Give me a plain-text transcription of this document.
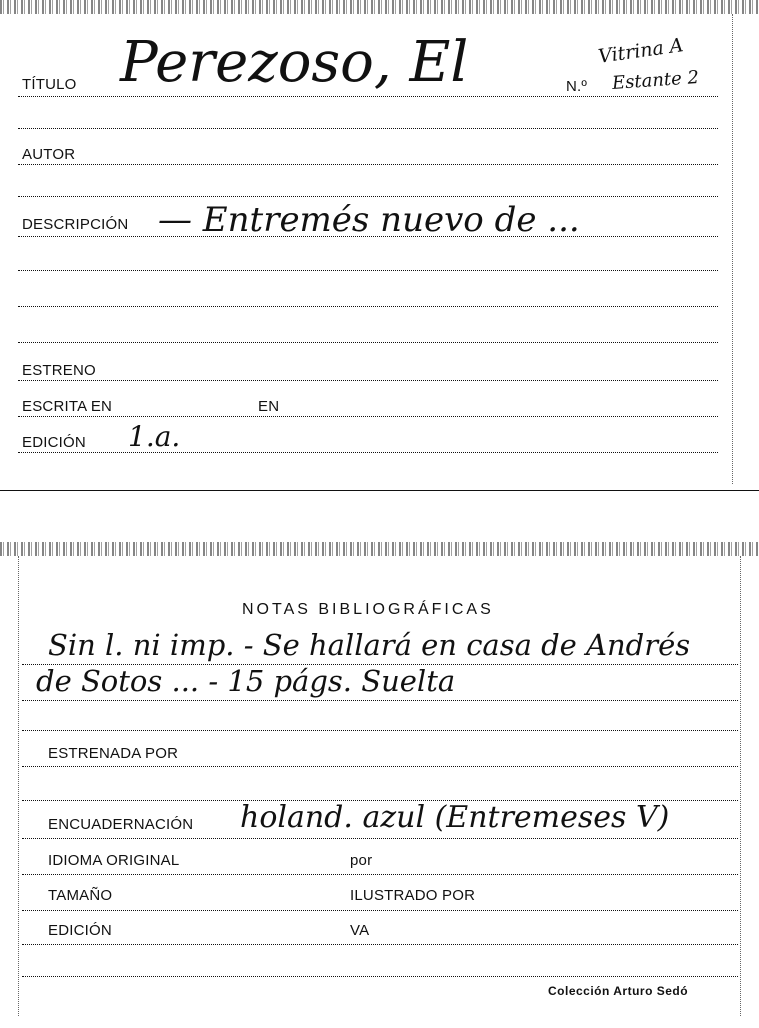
TÍTULO Perezoso, El	N.º
Vitrina A
Estante 2
AUTOR
DESCRIPCIÓN — Entremés nuevo de ...
ESTRENO
ESCRITA EN	EN
EDICIÓN 1.a.
NOTAS BIBLIOGRÁFICAS
Sin l. ni imp. - Se hallará en casa de Andrés
de Sotos ... - 15 págs. Suelta
ESTRENADA POR
ENCUADERNACIÓN holand. azul (Entremeses V)
IDIOMA ORIGINAL	por
TAMAÑO	ILUSTRADO POR
EDICIÓN	VA
Colección Arturo Sedó
